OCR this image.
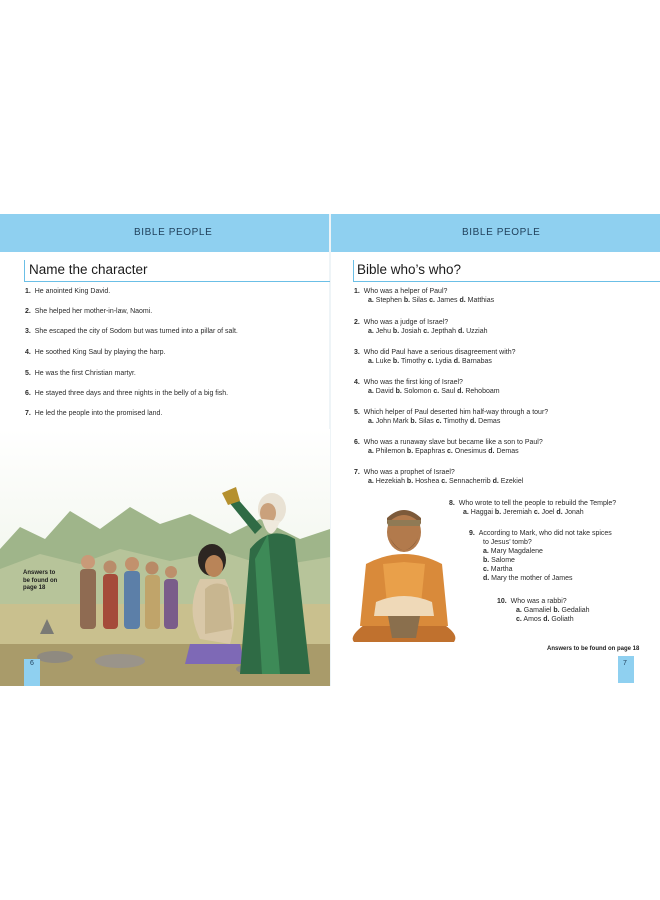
BIBLE PEOPLE	BIBLE PEOPLE
Name the character
1. He anointed King David.
2. She helped her mother-in-law, Naomi.
3. She escaped the city of Sodom but was turned into a pillar of salt.
4. He soothed King Saul by playing the harp.
5. He was the first Christian martyr.
6. He stayed three days and three nights in the belly of a big fish.
7. He led the people into the promised land.

Answers to be found on page 18
6
Bible who’s who?
1. Who was a helper of Paul?
a. Stephen b. Silas c. James d. Matthias
2. Who was a judge of Israel?
a. Jehu b. Josiah c. Jepthah d. Uzziah
3. Who did Paul have a serious disagreement with?
a. Luke b. Timothy c. Lydia d. Barnabas
4. Who was the first king of Israel?
a. David b. Solomon c. Saul d. Rehoboam
5. Which helper of Paul deserted him half-way through a tour?
a. John Mark b. Silas c. Timothy d. Demas
6. Who was a runaway slave but became like a son to Paul?
a. Philemon b. Epaphras c. Onesimus d. Demas
7. Who was a prophet of Israel?
a. Hezekiah b. Hoshea c. Sennacherrib d. Ezekiel
8. Who wrote to tell the people to rebuild the Temple?
a. Haggai b. Jeremiah c. Joel d. Jonah
9. According to Mark, who did not take spices
to Jesus’ tomb?
a. Mary Magdalene
b. Salome
c. Martha
d. Mary the mother of James
10. Who was a rabbi?
a. Gamaliel b. Gedaliah
c. Amos d. Goliath
Answers to be found on page 18
7
